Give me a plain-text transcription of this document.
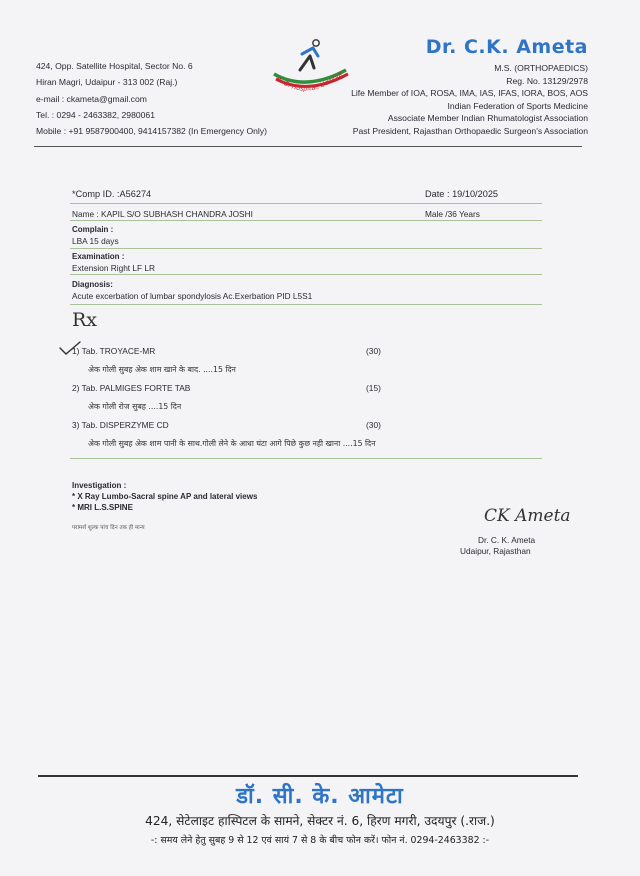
424, Opp. Satellite Hospital, Sector No. 6
Hiran Magri, Udaipur - 313 002 (Raj.)
e-mail : ckameta@gmail.com
Tel. : 0294 - 2463382, 2980061
Mobile : +91 9587900400, 9414157382 (In Emergency Only)
A. O. Hospital, Udaipur
Dr. C.K. Ameta
M.S. (ORTHOPAEDICS)
Reg. No. 13129/2978
Life Member of IOA, ROSA, IMA, IAS, IFAS, IORA, BOS, AOS
Indian Federation of Sports Medicine
Associate Member Indian Rhumatologist Association
Past President, Rajasthan Orthopaedic Surgeon's Association
*Comp ID. :A56274	Date : 19/10/2025
Name : KAPIL S/O SUBHASH CHANDRA JOSHI	Male /36 Years
Complain :
LBA 15 days
Examination :
Extension Right LF LR
Diagnosis:
Acute excerbation of lumbar spondylosis Ac.Exerbation PID L5S1
Rx
1) Tab. TROYACE-MR	(30)
अेक गोली सुबह अेक शाम खाने के बाद. ....15 दिन
2) Tab. PALMIGES FORTE TAB	(15)
अेक गोली रोज सुबह ....15 दिन
3) Tab. DISPERZYME CD	(30)
अेक गोली सुबह अेक शाम पानी के साथ.गोली लेने के आधा घंटा आगे पिछे कुछ नही खाना ....15 दिन
Investigation :
* X Ray Lumbo-Sacral spine AP and lateral views
* MRI L.S.SPINE
परामर्श शुल्क पांच दिन तक ही मान्य
CK Ameta
Dr. C. K. Ameta
Udaipur, Rajasthan
डॉ. सी. के. आमेटा
424, सेटेलाइट हास्पिटल के सामने, सेक्टर नं. 6, हिरण मगरी, उदयपुर (.राज.)
-: समय लेने हेतु सुबह 9 से 12 एवं सायं 7 से 8 के बीच फोन करें। फोन नं. 0294-2463382 :-
